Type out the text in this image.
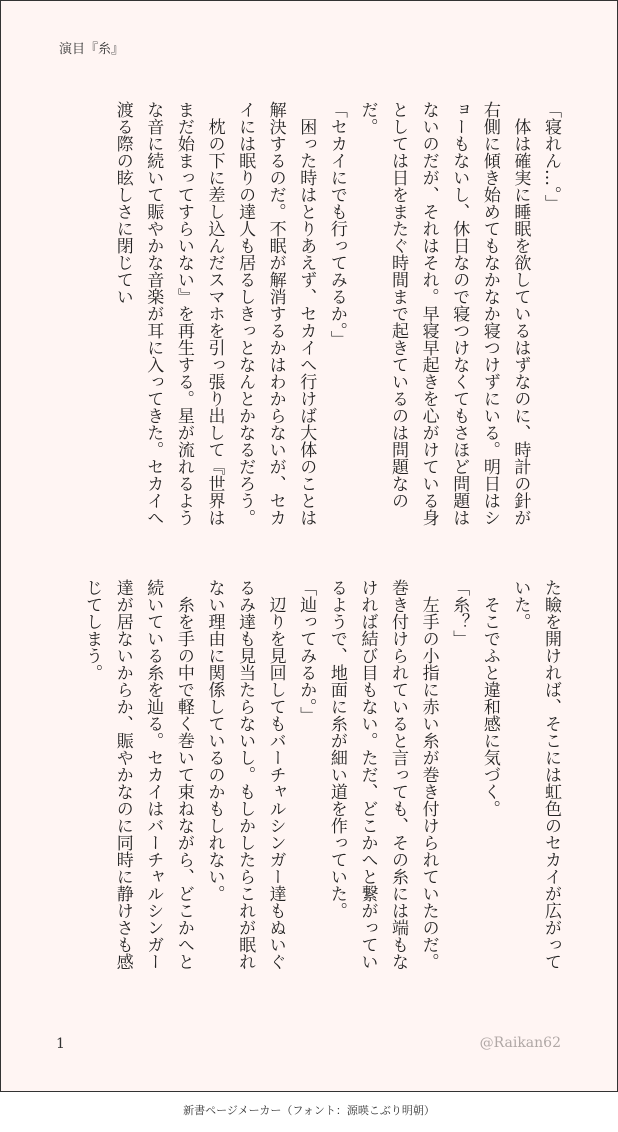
演目『糸』

「寝れん…。」

体は確実に睡眠を欲しているはずなのに、時計の針が右側に傾き始めてもなかなか寝つけずにいる。明日はショーもないし、休日なので寝つけなくてもさほど問題はないのだが、それはそれ。早寝早起きを心がけている身としては日をまたぐ時間まで起きているのは問題なのだ。

「セカイにでも行ってみるか。」

困った時はとりあえず、セカイへ行けば大体のことは解決するのだ。不眠が解消するかはわからないが、セカイには眠りの達人も居るしきっとなんとかなるだろう。

枕の下に差し込んだスマホを引っ張り出して『世界はまだ始まってすらいない』を再生する。星が流れるような音に続いて賑やかな音楽が耳に入ってきた。セカイへ渡る際の眩しさに閉じてい

た瞼を開ければ、そこには虹色のセカイが広がっていた。

そこでふと違和感に気づく。

「糸？」

左手の小指に赤い糸が巻き付けられていたのだ。巻き付けられていると言っても、その糸には端もなければ結び目もない。ただ、どこかへと繋がっているようで、地面に糸が細い道を作っていた。

「辿ってみるか。」

辺りを見回してもバーチャルシンガー達もぬいぐるみ達も見当たらないし。もしかしたらこれが眠れない理由に関係しているのかもしれない。

糸を手の中で軽く巻いて束ねながら、どこかへと続いている糸を辿る。セカイはバーチャルシンガー達が居ないからか、賑やかなのに同時に静けさも感じてしまう。

1	@Raikan62
新書ページメーカー（フォント：源暎こぶり明朝）
